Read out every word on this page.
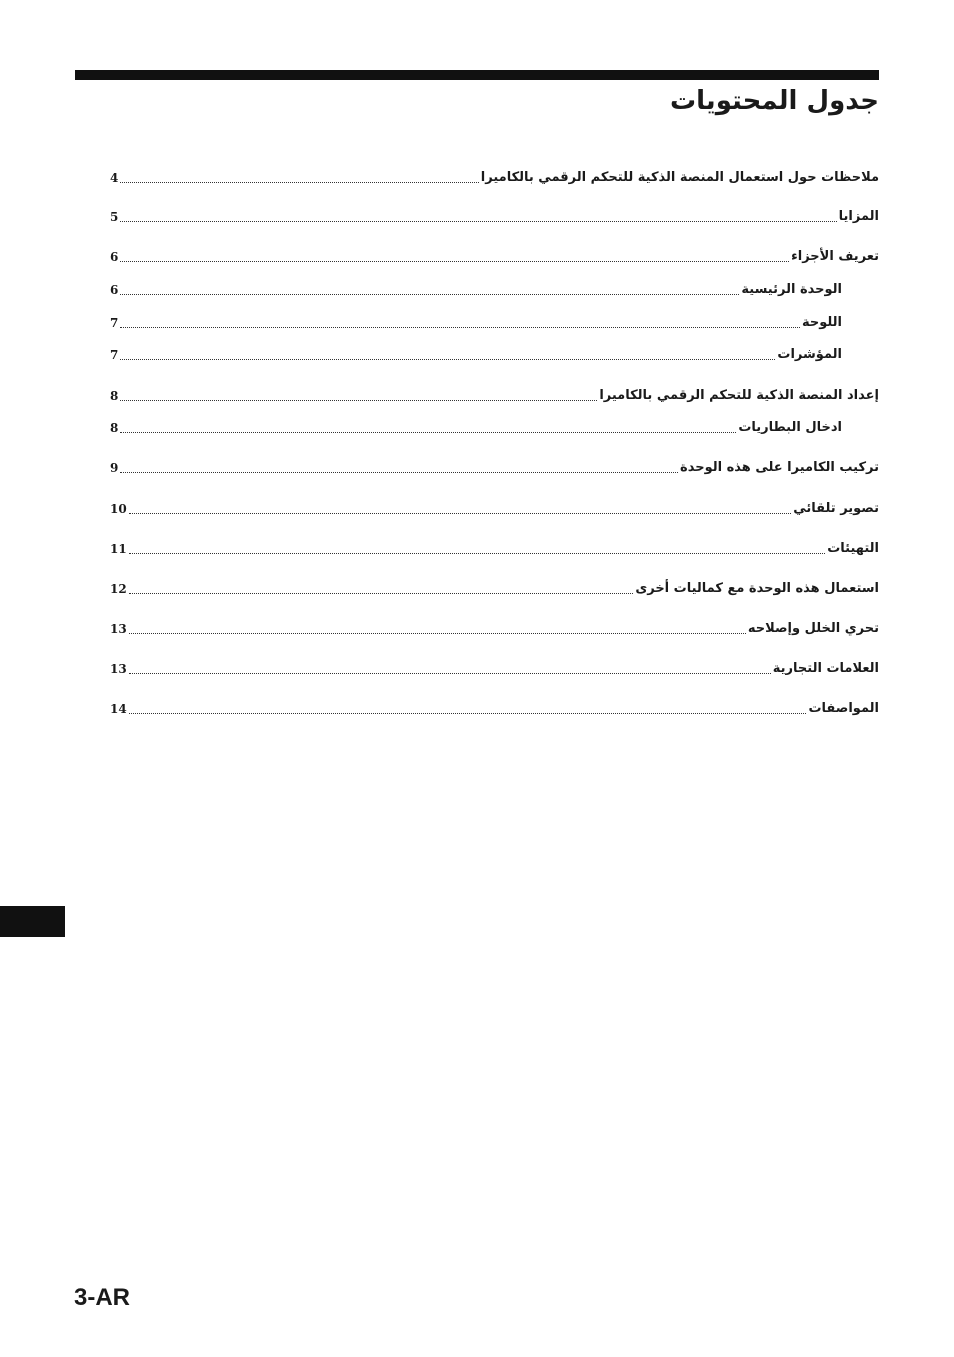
جدول المحتويات
ملاحظات حول استعمال المنصة الذكية للتحكم الرقمي بالكاميرا
4
المزايا
5
تعريف الأجزاء
6
الوحدة الرئيسية
6
اللوحة
7
المؤشرات
7
إعداد المنصة الذكية للتحكم الرقمي بالكاميرا
8
ادخال البطاريات
8
تركيب الكاميرا على هذه الوحدة
9
تصوير تلقائي
10
التهيئات
11
استعمال هذه الوحدة مع كماليات أخرى
12
تحري الخلل وإصلاحه
13
العلامات التجارية
13
المواصفات
14
3-AR
